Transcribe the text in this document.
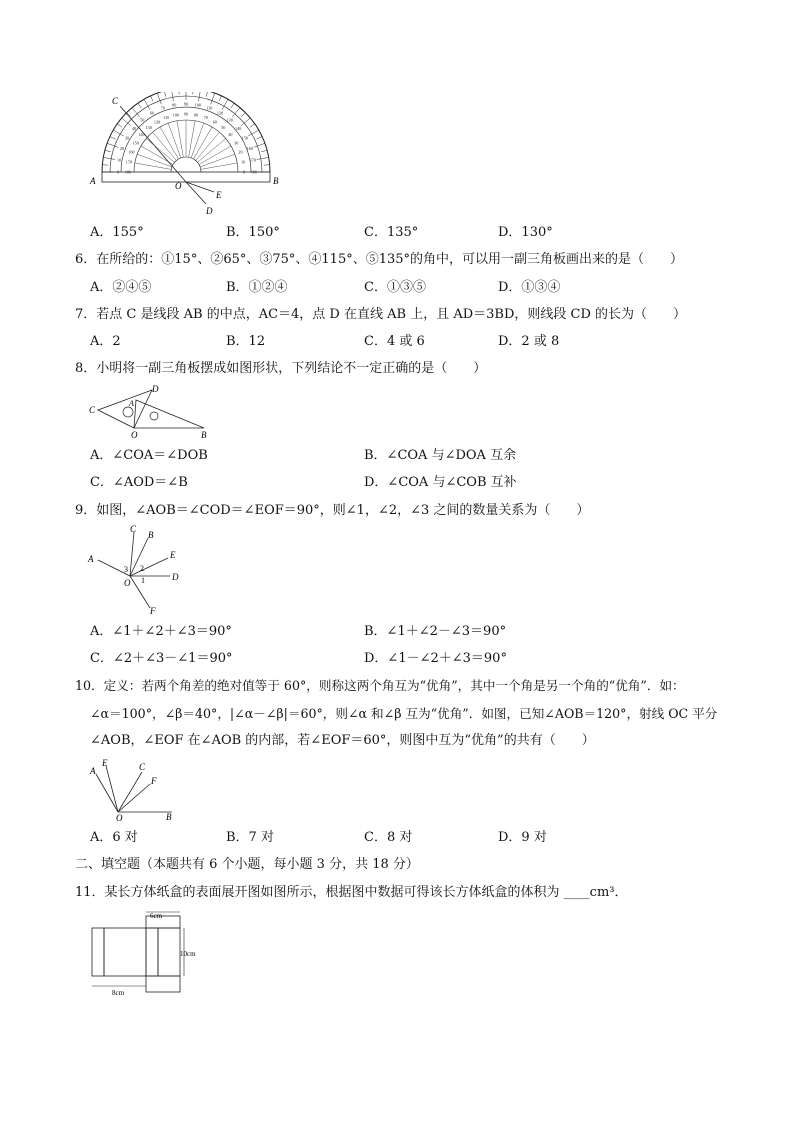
C
A	O
E
D
B
0 180
10 170
20
160
30
150
40
140
50
130
60
120
70
110
80
100
90
90
100
80
110
70
120
60 130
50 140
40
150
30
160
20
170
10
180
0
A．155°	B．150°	C．135°	D．130°
6．在所给的：①15°、②65°、③75°、④115°、⑤135°的角中，可以用一副三角板画出来的是（　　）
A．②④⑤	B．①②④	C．①③⑤	D．①③④
7．若点 C 是线段 AB 的中点，AC＝4，点 D 在直线 AB 上，且 AD＝3BD，则线段 CD 的长为（　　）
A．2	B．12	C．4 或 6	D．2 或 8
8．小明将一副三角板摆成如图形状，下列结论不一定正确的是（　　）
C
A
D
O	B
A．∠COA＝∠DOB	B．∠COA 与∠DOA 互余
C．∠AOD＝∠B	D．∠COA 与∠COB 互补
9．如图，∠AOB＝∠COD＝∠EOF＝90°，则∠1，∠2，∠3 之间的数量关系为（　　）
C
B
E
A
D
F
O 1
2
3
A．∠1＋∠2＋∠3＝90°	B．∠1＋∠2－∠3＝90°
C．∠2＋∠3－∠1＝90°	D．∠1－∠2＋∠3＝90°
10．定义：若两个角差的绝对值等于 60°，则称这两个角互为“优角”，其中一个角是另一个角的“优角”．如：
∠α＝100°，∠β＝40°，|∠α－∠β|＝60°，则∠α 和∠β 互为“优角”．如图，已知∠AOB＝120°，射线 OC 平分
∠AOB，∠EOF 在∠AOB 的内部，若∠EOF＝60°，则图中互为“优角”的共有（　　）
A
E	C
F
O	B
A．6 对	B．7 对	C．8 对	D．9 对
二、填空题（本题共有 6 个小题，每小题 3 分，共 18 分）
11．某长方体纸盒的表面展开图如图所示，根据图中数据可得该长方体纸盒的体积为 ____cm³．
6cm
10cm
8cm
